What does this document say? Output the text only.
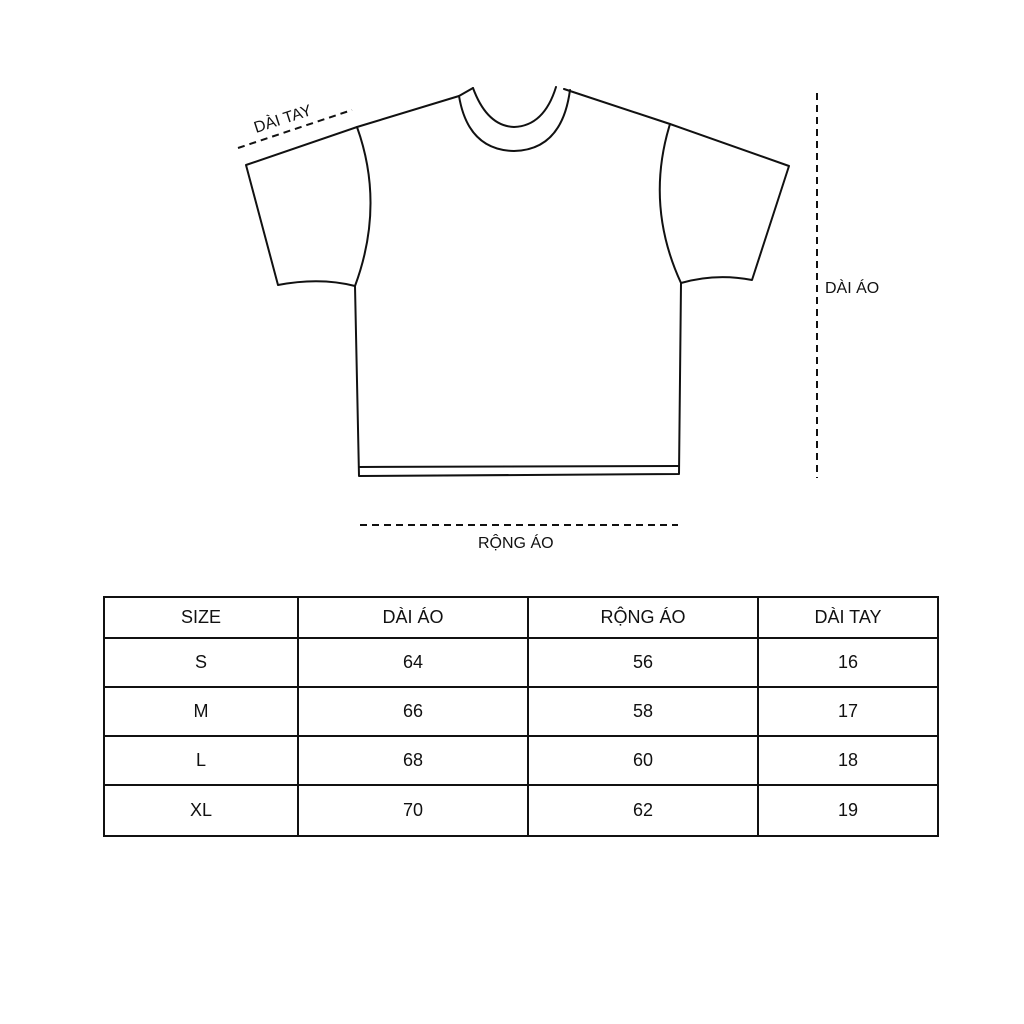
DÀI TAY
DÀI ÁO
RỘNG ÁO
SIZE	DÀI ÁO	RỘNG ÁO	DÀI TAY
S	64	56	16
M	66	58	17
L	68	60	18
XL	70	62	19
